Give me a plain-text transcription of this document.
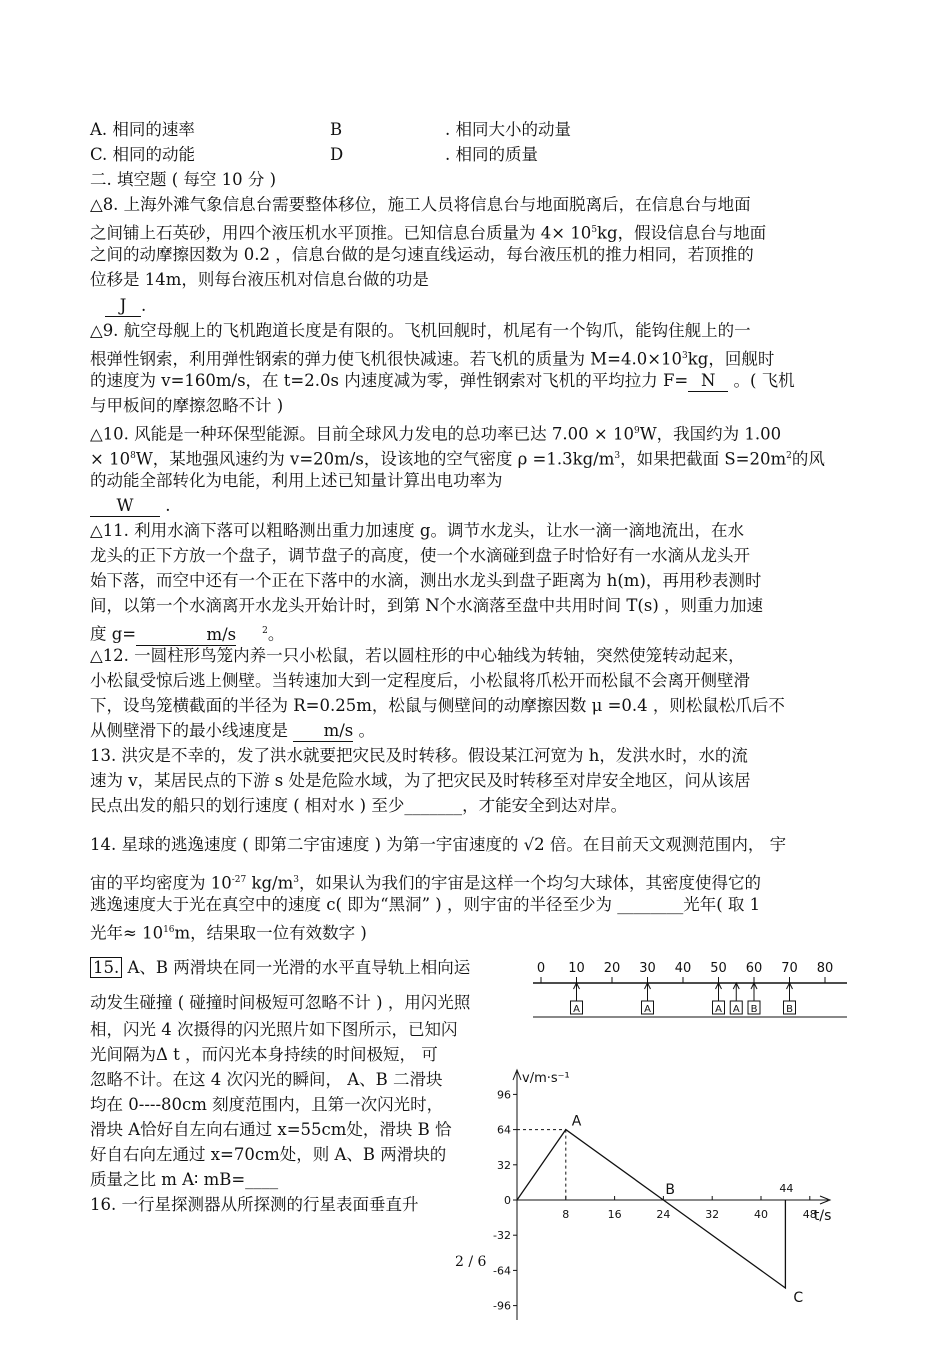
A. 相同的速率	B	. 相同大小的动量
C. 相同的动能	D	. 相同的质量
二. 填空题 ( 每空 10 分 )
△8. 上海外滩气象信息台需要整体移位，施工人员将信息台与地面脱离后，在信息台与地面
之间铺上石英砂，用四个液压机水平顶推。已知信息台质量为 $4\times 10^5kg$，假设信息台与地面
之间的动摩擦因数为 0.2 ，信息台做的是匀速直线运动，每台液压机的推力相同，若顶推的
位移是 14m，则每台液压机对信息台做的功是
J .
△9. 航空母舰上的飞机跑道长度是有限的。飞机回舰时，机尾有一个钩爪，能钩住舰上的一
根弹性钢索，利用弹性钢索的弹力使飞机很快减速。若飞机的质量为 $M=4.0\times 10^3kg$，回舰时
的速度为 v=160m/s，在 t=2.0s 内速度减为零，弹性钢索对飞机的平均拉力 F= N 。( 飞机
与甲板间的摩擦忽略不计 )
△10. 风能是一种环保型能源。目前全球风力发电的总功率已达 $7.00 \times 10^9W$，我国约为 1.00
× $10^8W$，某地强风速约为 v=20m/s，设该地的空气密度 $\rho =1.3kg/m^3$，如果把截面 $S=20m^2$的风
的动能全部转化为电能，利用上述已知量计算出电功率为
W .
△11. 利用水滴下落可以粗略测出重力加速度 g。调节水龙头，让水一滴一滴地流出，在水
龙头的正下方放一个盘子，调节盘子的高度，使一个水滴碰到盘子时恰好有一水滴从龙头开
始下落，而空中还有一个正在下落中的水滴，测出水龙头到盘子距离为 h(m)，再用秒表测时
间，以第一个水滴离开水龙头开始计时，到第 N个水滴落至盘中共用时间 T(s) ，则重力加速
度 g=	m/s	$^2$。
△12. 一圆柱形鸟笼内养一只小松鼠，若以圆柱形的中心轴线为转轴，突然使笼转动起来，
小松鼠受惊后逃上侧壁。当转速加大到一定程度后，小松鼠将爪松开而松鼠不会离开侧壁滑
下，设鸟笼横截面的半径为 R=0.25m，松鼠与侧壁间的动摩擦因数 μ =0.4 ，则松鼠松爪后不
从侧壁滑下的最小线速度是 m/s 。
13. 洪灾是不幸的，发了洪水就要把灾民及时转移。假设某江河宽为 h，发洪水时，水的流
速为 v，某居民点的下游 s 处是危险水域，为了把灾民及时转移至对岸安全地区，问从该居
民点出发的船只的划行速度 ( 相对水 ) 至少_______，才能安全到达对岸。
14. 星球的逃逸速度 ( 即第二宇宙速度 ) 为第一宇宙速度的 √2 倍。在目前天文观测范围内， 宇
宙的平均密度为 $10^{-27}$ $kg/m^3$，如果认为我们的宇宙是这样一个均匀大球体，其密度使得它的
逃逸速度大于光在真空中的速度 c( 即为“黑洞” ) ，则宇宙的半径至少为 ________光年( 取 1
光年≈ $10^{16}m$，结果取一位有效数字 )
15. A、B 两滑块在同一光滑的水平直导轨上相向运
动发生碰撞 ( 碰撞时间极短可忽略不计 ) ，用闪光照
相，闪光 4 次摄得的闪光照片如下图所示，已知闪
光间隔为Δ t ，而闪光本身持续的时间极短， 可
忽略不计。在这 4 次闪光的瞬间， A、B 二滑块
均在 0----80cm 刻度范围内，且第一次闪光时，
滑块 A恰好自左向右通过 x=55cm处，滑块 B 恰
好自右向左通过 x=70cm处，则 A、B 两滑块的
质量之比 m A∶ mB=____
16. 一行星探测器从所探测的行星表面垂直升
2 / 6
0 10 20 30 40 50 60 70 80
A	A	A A B	B
v/m·s⁻¹
t/s
96
64
32
0
-32
-64
-96
8	16	24	32	40	48
A
B
C
44
